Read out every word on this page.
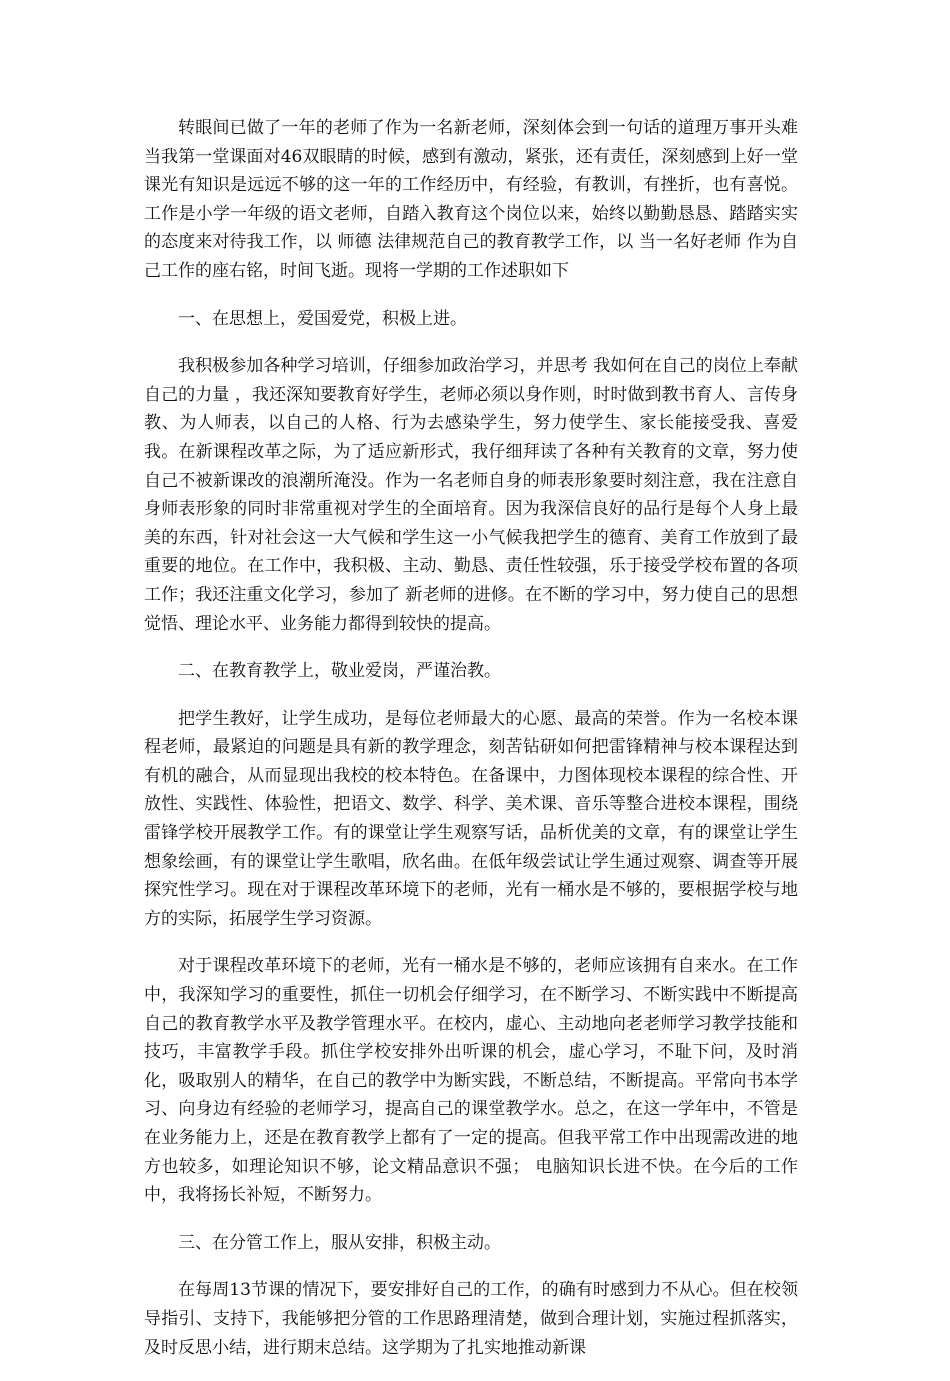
转眼间已做了一年的老师了作为一名新老师，深刻体会到一句话的道理万事开头难 当我第一堂课面对46双眼睛的时候，感到有激动，紧张，还有责任，深刻感到上好一堂课光有知识是远远不够的这一年的工作经历中，有经验，有教训，有挫折，也有喜悦。工作是小学一年级的语文老师，自踏入教育这个岗位以来，始终以勤勤恳恳、踏踏实实的态度来对待我工作，以 师德 法律规范自己的教育教学工作，以 当一名好老师 作为自己工作的座右铭，时间飞逝。现将一学期的工作述职如下

一、在思想上，爱国爱党，积极上进。

我积极参加各种学习培训，仔细参加政治学习，并思考 我如何在自己的岗位上奉献自己的力量 ，我还深知要教育好学生，老师必须以身作则，时时做到教书育人、言传身教、为人师表，以自己的人格、行为去感染学生，努力使学生、家长能接受我、喜爱我。在新课程改革之际，为了适应新形式，我仔细拜读了各种有关教育的文章，努力使自己不被新课改的浪潮所淹没。作为一名老师自身的师表形象要时刻注意，我在注意自身师表形象的同时非常重视对学生的全面培育。因为我深信良好的品行是每个人身上最美的东西，针对社会这一大气候和学生这一小气候我把学生的德育、美育工作放到了最重要的地位。在工作中，我积极、主动、勤恳、责任性较强，乐于接受学校布置的各项工作；我还注重文化学习，参加了 新老师的进修。在不断的学习中，努力使自己的思想觉悟、理论水平、业务能力都得到较快的提高。

二、在教育教学上，敬业爱岗，严谨治教。

把学生教好，让学生成功，是每位老师最大的心愿、最高的荣誉。作为一名校本课程老师，最紧迫的问题是具有新的教学理念，刻苦钻研如何把雷锋精神与校本课程达到有机的融合，从而显现出我校的校本特色。在备课中，力图体现校本课程的综合性、开放性、实践性、体验性，把语文、数学、科学、美术课、音乐等整合进校本课程，围绕雷锋学校开展教学工作。有的课堂让学生观察写话，品析优美的文章，有的课堂让学生想象绘画，有的课堂让学生歌唱，欣名曲。在低年级尝试让学生通过观察、调查等开展探究性学习。现在对于课程改革环境下的老师，光有一桶水是不够的，要根据学校与地方的实际，拓展学生学习资源。

对于课程改革环境下的老师，光有一桶水是不够的，老师应该拥有自来水。在工作中，我深知学习的重要性，抓住一切机会仔细学习，在不断学习、不断实践中不断提高自己的教育教学水平及教学管理水平。在校内，虚心、主动地向老老师学习教学技能和技巧，丰富教学手段。抓住学校安排外出听课的机会，虚心学习，不耻下问，及时消化，吸取别人的精华，在自己的教学中为断实践，不断总结，不断提高。平常向书本学习、向身边有经验的老师学习，提高自己的课堂教学水。总之，在这一学年中，不管是在业务能力上，还是在教育教学上都有了一定的提高。但我平常工作中出现需改进的地方也较多，如理论知识不够，论文精品意识不强； 电脑知识长进不快。在今后的工作中，我将扬长补短，不断努力。

三、在分管工作上，服从安排，积极主动。

在每周13节课的情况下，要安排好自己的工作，的确有时感到力不从心。但在校领导指引、支持下，我能够把分管的工作思路理清楚，做到合理计划，实施过程抓落实，及时反思小结，进行期末总结。这学期为了扎实地推动新课
